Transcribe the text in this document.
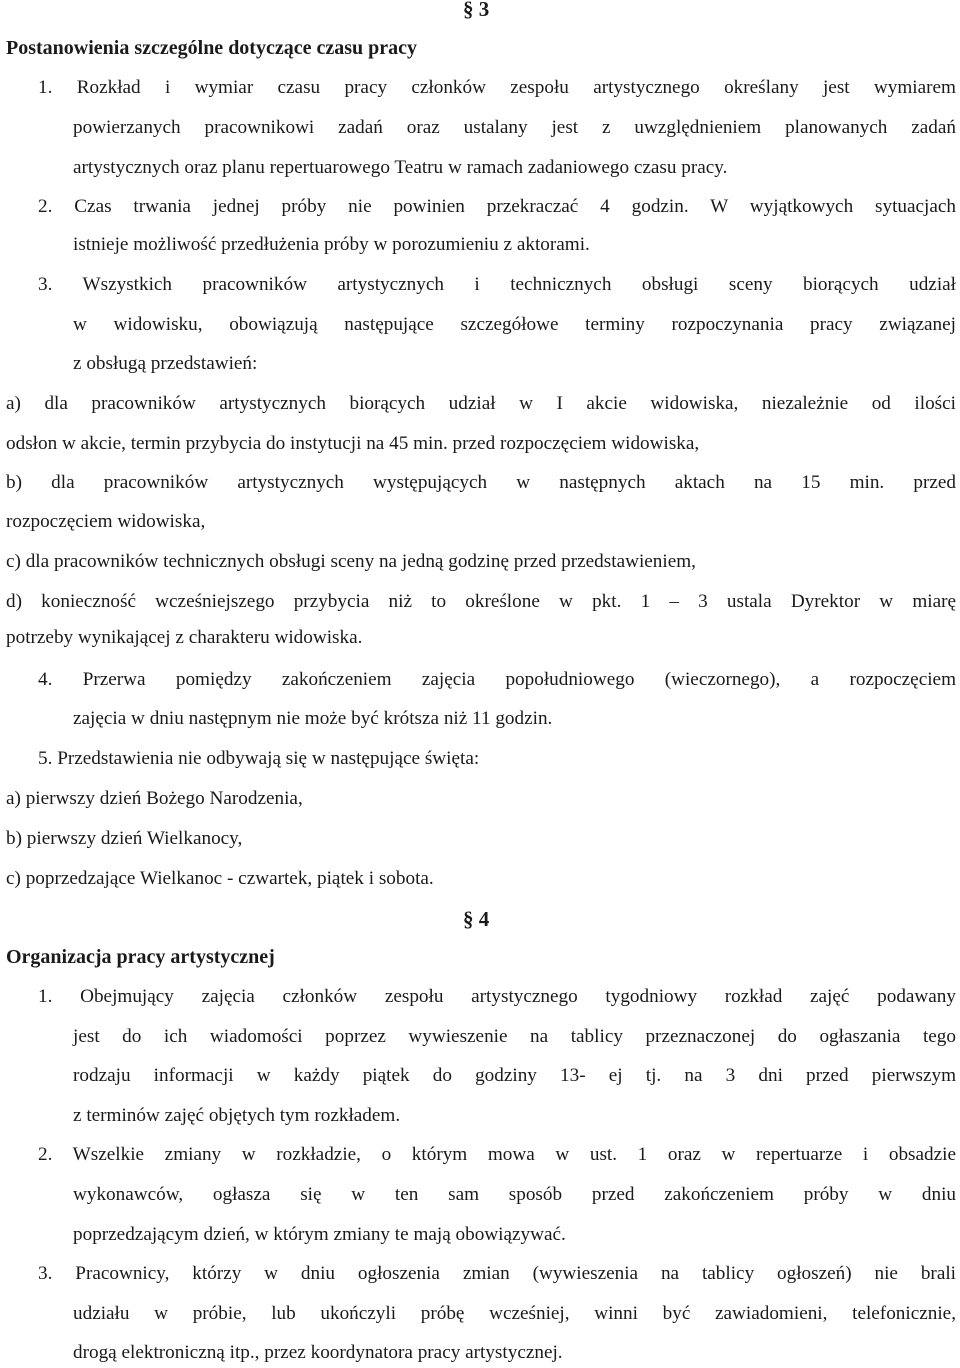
§ 3
Postanowienia szczególne dotyczące czasu pracy
1. Rozkład i wymiar czasu pracy członków zespołu artystycznego określany jest wymiarem
powierzanych pracownikowi zadań oraz ustalany jest z uwzględnieniem planowanych zadań
artystycznych oraz planu repertuarowego Teatru w ramach zadaniowego czasu pracy.
2. Czas trwania jednej próby nie powinien przekraczać 4 godzin. W wyjątkowych sytuacjach
istnieje możliwość przedłużenia próby w porozumieniu z aktorami.
3. Wszystkich pracowników artystycznych i technicznych obsługi sceny biorących udział
w widowisku, obowiązują następujące szczegółowe terminy rozpoczynania pracy związanej
z obsługą przedstawień:
a) dla pracowników artystycznych biorących udział w I akcie widowiska, niezależnie od ilości
odsłon w akcie, termin przybycia do instytucji na 45 min. przed rozpoczęciem widowiska,
b) dla pracowników artystycznych występujących w następnych aktach na 15 min. przed
rozpoczęciem widowiska,
c) dla pracowników technicznych obsługi sceny na jedną godzinę przed przedstawieniem,
d) konieczność wcześniejszego przybycia niż to określone w pkt. 1 – 3 ustala Dyrektor w miarę
potrzeby wynikającej z charakteru widowiska.
4. Przerwa pomiędzy zakończeniem zajęcia popołudniowego (wieczornego), a rozpoczęciem
zajęcia w dniu następnym nie może być krótsza niż 11 godzin.
5. Przedstawienia nie odbywają się w następujące święta:
a) pierwszy dzień Bożego Narodzenia,
b) pierwszy dzień Wielkanocy,
c) poprzedzające Wielkanoc - czwartek, piątek i sobota.
§ 4
Organizacja pracy artystycznej
1. Obejmujący zajęcia członków zespołu artystycznego tygodniowy rozkład zajęć podawany
jest do ich wiadomości poprzez wywieszenie na tablicy przeznaczonej do ogłaszania tego
rodzaju informacji w każdy piątek do godziny 13- ej tj. na 3 dni przed pierwszym
z terminów zajęć objętych tym rozkładem.
2. Wszelkie zmiany w rozkładzie, o którym mowa w ust. 1 oraz w repertuarze i obsadzie
wykonawców, ogłasza się w ten sam sposób przed zakończeniem próby w dniu
poprzedzającym dzień, w którym zmiany te mają obowiązywać.
3. Pracownicy, którzy w dniu ogłoszenia zmian (wywieszenia na tablicy ogłoszeń) nie brali
udziału w próbie, lub ukończyli próbę wcześniej, winni być zawiadomieni, telefonicznie,
drogą elektroniczną itp., przez koordynatora pracy artystycznej.
